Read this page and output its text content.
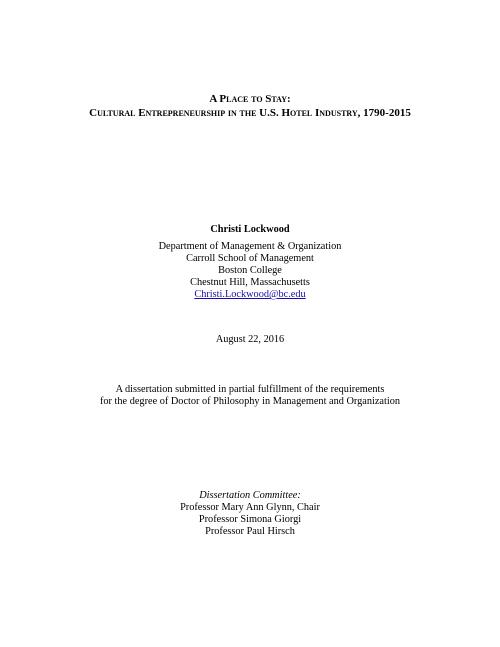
A Place to Stay:
Cultural Entrepreneurship in the U.S. Hotel Industry, 1790-2015
Christi Lockwood
Department of Management & Organization
Carroll School of Management
Boston College
Chestnut Hill, Massachusetts
Christi.Lockwood@bc.edu
August 22, 2016
A dissertation submitted in partial fulfillment of the requirements
for the degree of Doctor of Philosophy in Management and Organization
Dissertation Committee:
Professor Mary Ann Glynn, Chair
Professor Simona Giorgi
Professor Paul Hirsch
